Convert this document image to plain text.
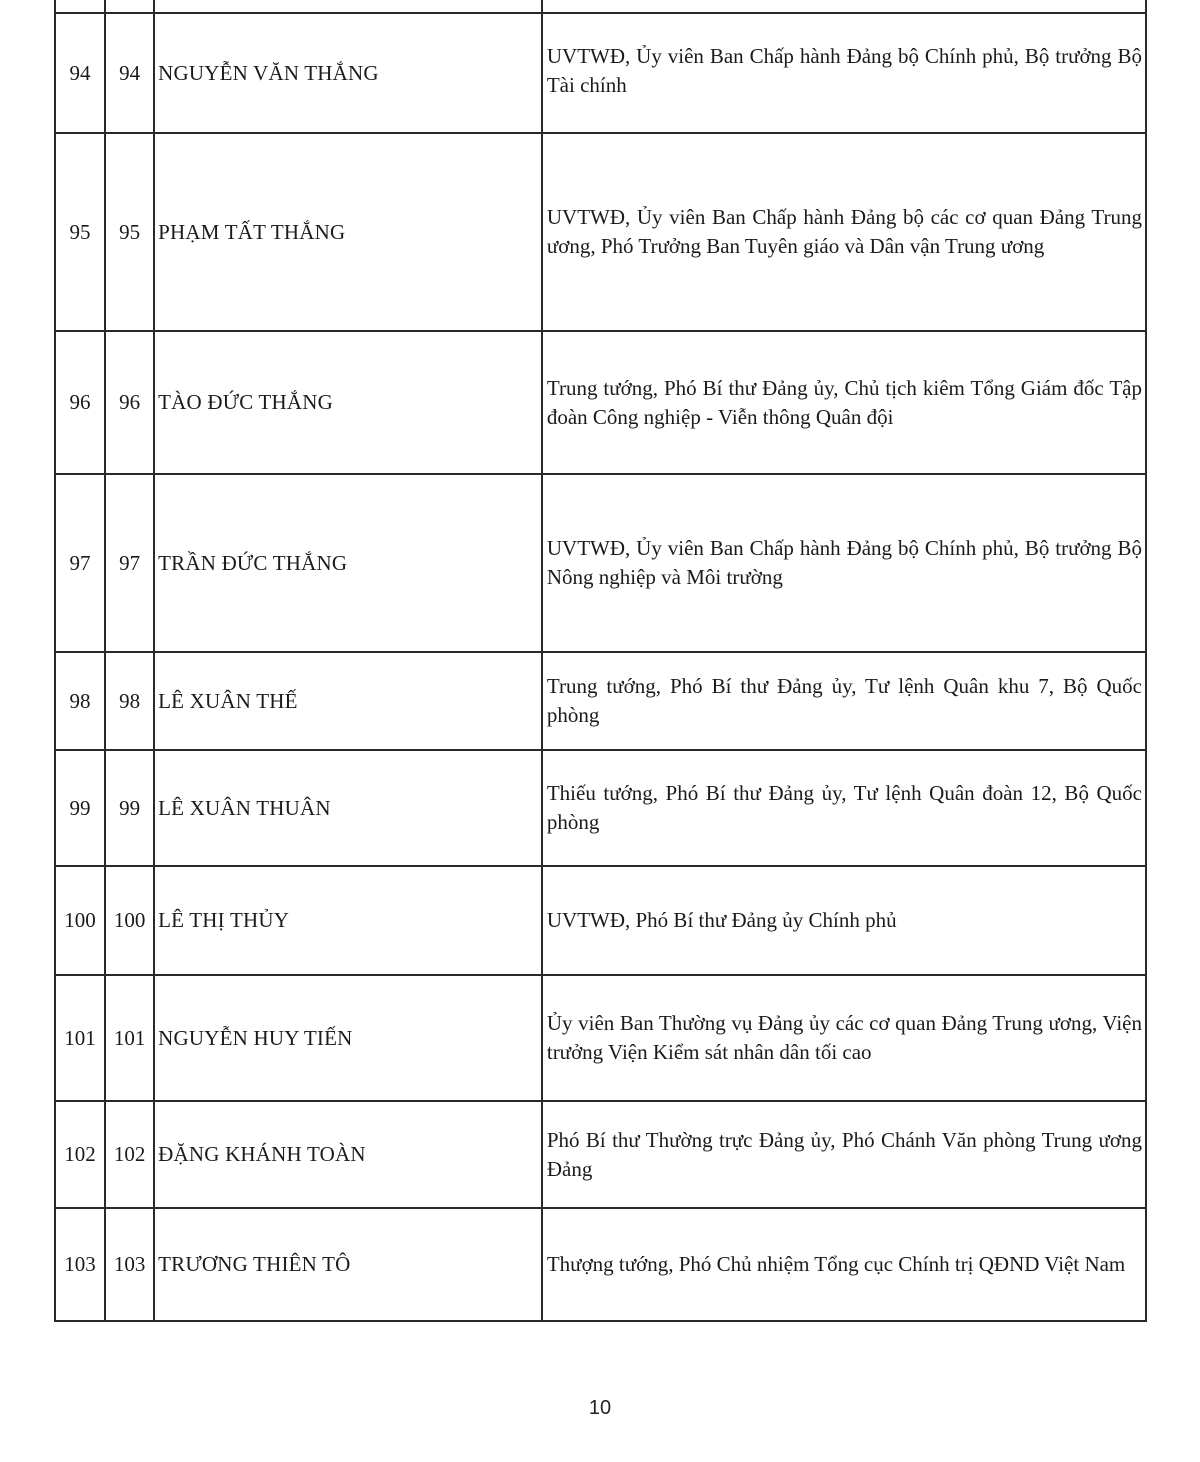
94	94	NGUYỄN VĂN THẮNG	UVTWĐ, Ủy viên Ban Chấp hành Đảng bộ Chính phủ, Bộ trưởng Bộ Tài chính

95	95	PHẠM TẤT THẮNG	UVTWĐ, Ủy viên Ban Chấp hành Đảng bộ các cơ quan Đảng Trung ương, Phó Trưởng Ban Tuyên giáo và Dân vận Trung ương
96	96	TÀO ĐỨC THẮNG	Trung tướng, Phó Bí thư Đảng ủy, Chủ tịch kiêm Tổng Giám đốc Tập đoàn Công nghiệp - Viễn thông Quân đội
97	97	TRẦN ĐỨC THẮNG	UVTWĐ, Ủy viên Ban Chấp hành Đảng bộ Chính phủ, Bộ trưởng Bộ Nông nghiệp và Môi trường
98	98	LÊ XUÂN THẾ	Trung tướng, Phó Bí thư Đảng ủy, Tư lệnh Quân khu 7, Bộ Quốc phòng
99	99	LÊ XUÂN THUÂN	Thiếu tướng, Phó Bí thư Đảng ủy, Tư lệnh Quân đoàn 12, Bộ Quốc phòng
100	100	LÊ THỊ THỦY	UVTWĐ, Phó Bí thư Đảng ủy Chính phủ
101	101	NGUYỄN HUY TIẾN	Ủy viên Ban Thường vụ Đảng ủy các cơ quan Đảng Trung ương, Viện trưởng Viện Kiểm sát nhân dân tối cao
102	102	ĐẶNG KHÁNH TOÀN	Phó Bí thư Thường trực Đảng ủy, Phó Chánh Văn phòng Trung ương Đảng
103	103	TRƯƠNG THIÊN TÔ	Thượng tướng, Phó Chủ nhiệm Tổng cục Chính trị QĐND Việt Nam
10
